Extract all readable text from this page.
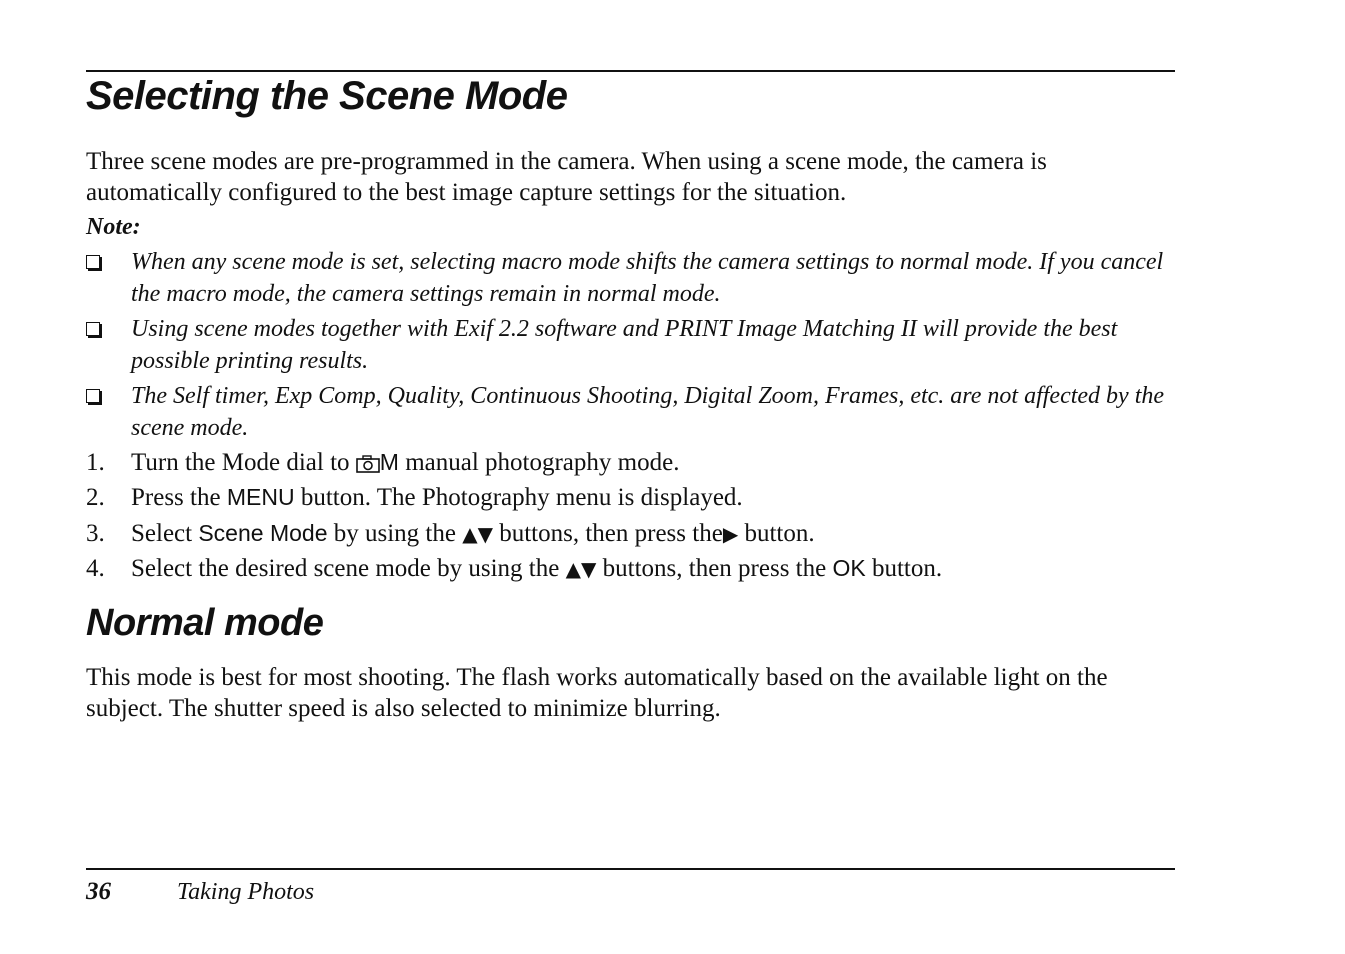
Selecting the Scene Mode
Three scene modes are pre-programmed in the camera. When using a scene mode, the camera is automatically configured to the best image capture settings for the situation.
Note:
When any scene mode is set, selecting macro mode shifts the camera settings to normal mode. If you cancel the macro mode, the camera settings remain in normal mode.
Using scene modes together with Exif 2.2 software and PRINT Image Matching II will provide the best possible printing results.
The Self timer, Exp Comp, Quality, Continuous Shooting, Digital Zoom, Frames, etc. are not affected by the scene mode.
1. Turn the Mode dial to M manual photography mode.
2. Press the MENU button. The Photography menu is displayed.
3. Select Scene Mode by using the ▲▼ buttons, then press the▶ button.
4. Select the desired scene mode by using the ▲▼ buttons, then press the OK button.
Normal mode
This mode is best for most shooting. The flash works automatically based on the available light on the subject. The shutter speed is also selected to minimize blurring.
36	Taking Photos
